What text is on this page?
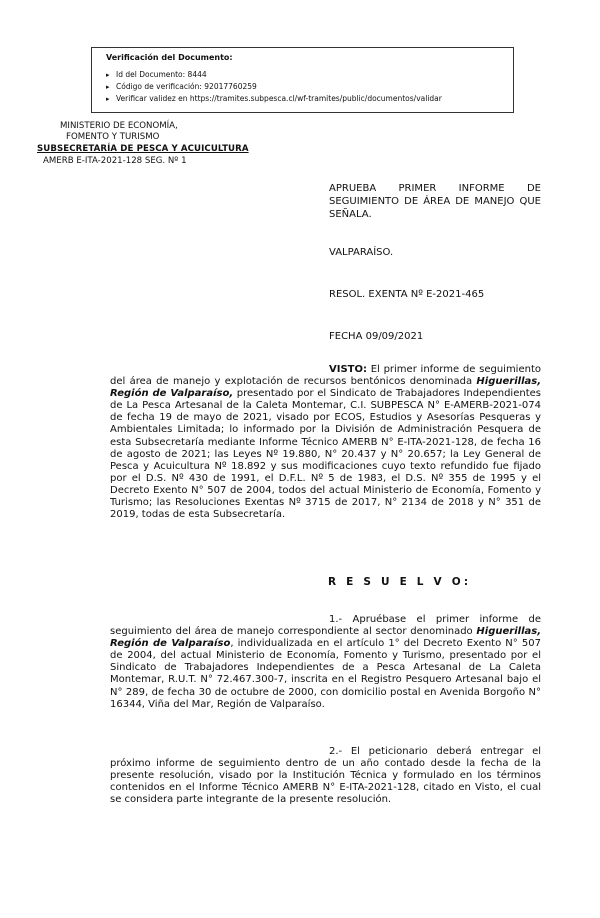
Verificación del Documento:
▸ Id del Documento: 8444
▸ Código de verificación: 92017760259
▸ Verificar validez en https://tramites.subpesca.cl/wf-tramites/public/documentos/validar
MINISTERIO DE ECONOMÍA,
FOMENTO Y TURISMO
SUBSECRETARÍA DE PESCA Y ACUICULTURA
AMERB E-ITA-2021-128 SEG. Nº 1
APRUEBA PRIMER INFORME DE SEGUIMIENTO DE ÁREA DE MANEJO QUE SEÑALA.
VALPARAÍSO.
RESOL. EXENTA Nº E-2021-465
FECHA 09/09/2021
VISTO: El primer informe de seguimiento del área de manejo y explotación de recursos bentónicos denominada Higuerillas, Región de Valparaíso, presentado por el Sindicato de Trabajadores Independientes de La Pesca Artesanal de la Caleta Montemar, C.I. SUBPESCA N° E-AMERB-2021-074 de fecha 19 de mayo de 2021, visado por ECOS, Estudios y Asesorías Pesqueras y Ambientales Limitada; lo informado por la División de Administración Pesquera de esta Subsecretaría mediante Informe Técnico AMERB N° E-ITA-2021-128, de fecha 16 de agosto de 2021; las Leyes Nº 19.880, N° 20.437 y N° 20.657; la Ley General de Pesca y Acuicultura Nº 18.892 y sus modificaciones cuyo texto refundido fue fijado por el D.S. Nº 430 de 1991, el D.F.L. Nº 5 de 1983, el D.S. Nº 355 de 1995 y el Decreto Exento N° 507 de 2004, todos del actual Ministerio de Economía, Fomento y Turismo; las Resoluciones Exentas Nº 3715 de 2017, N° 2134 de 2018 y N° 351 de 2019, todas de esta Subsecretaría.
R E S U E L V O:
1.- Apruébase el primer informe de seguimiento del área de manejo correspondiente al sector denominado Higuerillas, Región de Valparaíso, individualizada en el artículo 1° del Decreto Exento N° 507 de 2004, del actual Ministerio de Economía, Fomento y Turismo, presentado por el Sindicato de Trabajadores Independientes de a Pesca Artesanal de La Caleta Montemar, R.U.T. N° 72.467.300-7, inscrita en el Registro Pesquero Artesanal bajo el N° 289, de fecha 30 de octubre de 2000, con domicilio postal en Avenida Borgoño N° 16344, Viña del Mar, Región de Valparaíso.
2.- El peticionario deberá entregar el próximo informe de seguimiento dentro de un año contado desde la fecha de la presente resolución, visado por la Institución Técnica y formulado en los términos contenidos en el Informe Técnico AMERB N° E-ITA-2021-128, citado en Visto, el cual se considera parte integrante de la presente resolución.
